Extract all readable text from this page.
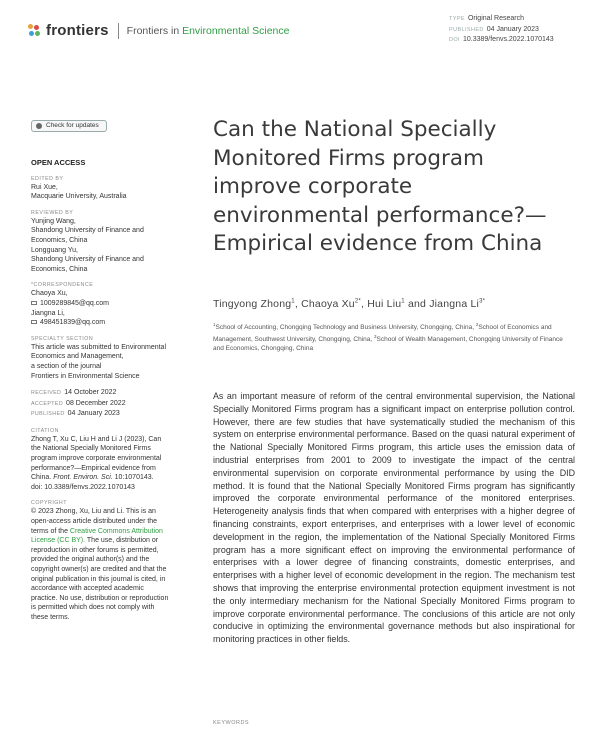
frontiers Frontiers in Environmental Science
TYPE Original Research
PUBLISHED 04 January 2023
DOI 10.3389/fenvs.2022.1070143
Check for updates
OPEN ACCESS
EDITED BY
Rui Xue,
Macquarie University, Australia
REVIEWED BY
Yunjing Wang,
Shandong University of Finance and Economics, China
Longguang Yu,
Shandong University of Finance and Economics, China
*CORRESPONDENCE
Chaoya Xu,
1009289845@qq.com
Jiangna Li,
498451839@qq.com
SPECIALTY SECTION
This article was submitted to Environmental Economics and Management,
a section of the journal
Frontiers in Environmental Science
RECEIVED 14 October 2022
ACCEPTED 08 December 2022
PUBLISHED 04 January 2023
CITATION
Zhong T, Xu C, Liu H and Li J (2023), Can the National Specially Monitored Firms program improve corporate environmental performance?—Empirical evidence from China. Front. Environ. Sci. 10:1070143.
doi: 10.3389/fenvs.2022.1070143
COPYRIGHT
© 2023 Zhong, Xu, Liu and Li. This is an open-access article distributed under the terms of the Creative Commons Attribution License (CC BY). The use, distribution or reproduction in other forums is permitted, provided the original author(s) and the copyright owner(s) are credited and that the original publication in this journal is cited, in accordance with accepted academic practice. No use, distribution or reproduction is permitted which does not comply with these terms.
Can the National Specially Monitored Firms program improve corporate environmental performance?—Empirical evidence from China
Tingyong Zhong$^1$, Chaoya $Xu^{2*}$, Hui Liu$^1$ and Jiangna $Li^{3*}$
$^1$School of Accounting, Chongqing Technology and Business University, Chongqing, China, $^2$School of Economics and Management, Southwest University, Chongqing, China, $^3$School of Wealth Management, Chongqing University of Finance and Economics, Chongqing, China

As an important measure of reform of the central environmental supervision, the National Specially Monitored Firms program has a significant impact on enterprise pollution control. However, there are few studies that have systematically studied the mechanism of this system on enterprise environmental performance. Based on the quasi natural experiment of the National Specially Monitored Firms program, this article uses the emission data of industrial enterprises from 2001 to 2009 to investigate the impact of the central environmental supervision on corporate environmental performance by using the DID method. It is found that the National Specially Monitored Firms program has significantly improved the corporate environmental performance of the monitored enterprises. Heterogeneity analysis finds that when compared with enterprises with a higher degree of financing constraints, export enterprises, and enterprises with a lower level of economic development in the region, the implementation of the National Specially Monitored Firms program has a more significant effect on improving the environmental performance of enterprises with a lower degree of financing constraints, domestic enterprises, and enterprises with a higher level of economic development in the region. The mechanism test shows that improving the enterprise environmental protection equipment investment is not the only intermediary mechanism for the National Specially Monitored Firms program to improve corporate environmental performance. The conclusions of this article are not only conducive in optimizing the environmental governance methods but also inspirational for monitoring practices in other fields.

KEYWORDS
